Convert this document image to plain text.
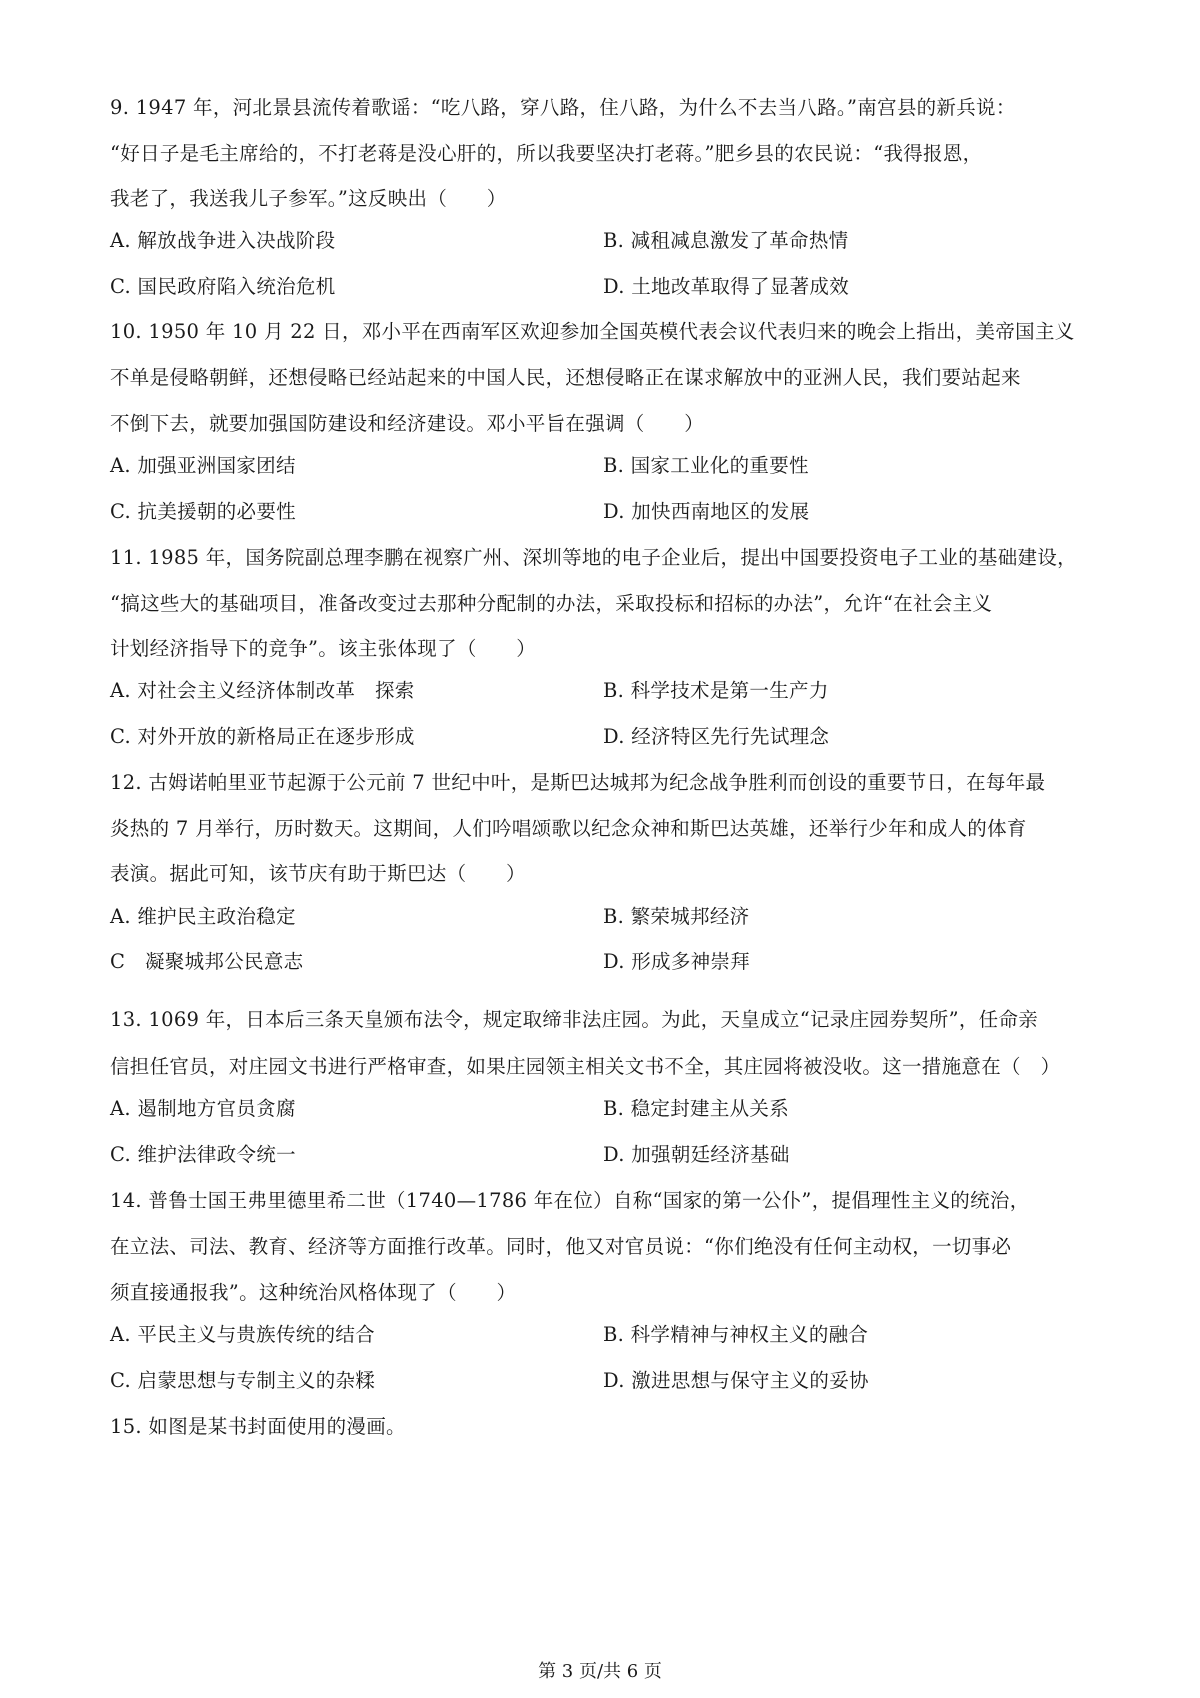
9. 1947 年，河北景县流传着歌谣：“吃八路，穿八路，住八路，为什么不去当八路。”南宫县的新兵说：
“好日子是毛主席给的，不打老蒋是没心肝的，所以我要坚决打老蒋。”肥乡县的农民说：“我得报恩，
我老了，我送我儿子参军。”这反映出（　　）
A. 解放战争进入决战阶段	B. 减租减息激发了革命热情
C. 国民政府陷入统治危机	D. 土地改革取得了显著成效
10. 1950 年 10 月 22 日，邓小平在西南军区欢迎参加全国英模代表会议代表归来的晚会上指出，美帝国主义
不单是侵略朝鲜，还想侵略已经站起来的中国人民，还想侵略正在谋求解放中的亚洲人民，我们要站起来
不倒下去，就要加强国防建设和经济建设。邓小平旨在强调（　　）
A. 加强亚洲国家团结	B. 国家工业化的重要性
C. 抗美援朝的必要性	D. 加快西南地区的发展
11. 1985 年，国务院副总理李鹏在视察广州、深圳等地的电子企业后，提出中国要投资电子工业的基础建设，
“搞这些大的基础项目，准备改变过去那种分配制的办法，采取投标和招标的办法”，允许“在社会主义
计划经济指导下的竞争”。该主张体现了（　　）
A. 对社会主义经济体制改革　探索	B. 科学技术是第一生产力
C. 对外开放的新格局正在逐步形成	D. 经济特区先行先试理念
12. 古姆诺帕里亚节起源于公元前 7 世纪中叶，是斯巴达城邦为纪念战争胜利而创设的重要节日，在每年最
炎热的 7 月举行，历时数天。这期间，人们吟唱颂歌以纪念众神和斯巴达英雄，还举行少年和成人的体育
表演。据此可知，该节庆有助于斯巴达（　　）
A. 维护民主政治稳定	B. 繁荣城邦经济
C　凝聚城邦公民意志	D. 形成多神崇拜
13. 1069 年，日本后三条天皇颁布法令，规定取缔非法庄园。为此，天皇成立“记录庄园券契所”，任命亲
信担任官员，对庄园文书进行严格审查，如果庄园领主相关文书不全，其庄园将被没收。这一措施意在（　）
A. 遏制地方官员贪腐	B. 稳定封建主从关系
C. 维护法律政令统一	D. 加强朝廷经济基础
14. 普鲁士国王弗里德里希二世（1740—1786 年在位）自称“国家的第一公仆”，提倡理性主义的统治，
在立法、司法、教育、经济等方面推行改革。同时，他又对官员说：“你们绝没有任何主动权，一切事必
须直接通报我”。这种统治风格体现了（　　）
A. 平民主义与贵族传统的结合	B. 科学精神与神权主义的融合
C. 启蒙思想与专制主义的杂糅	D. 激进思想与保守主义的妥协
15. 如图是某书封面使用的漫画。
第 3 页/共 6 页
